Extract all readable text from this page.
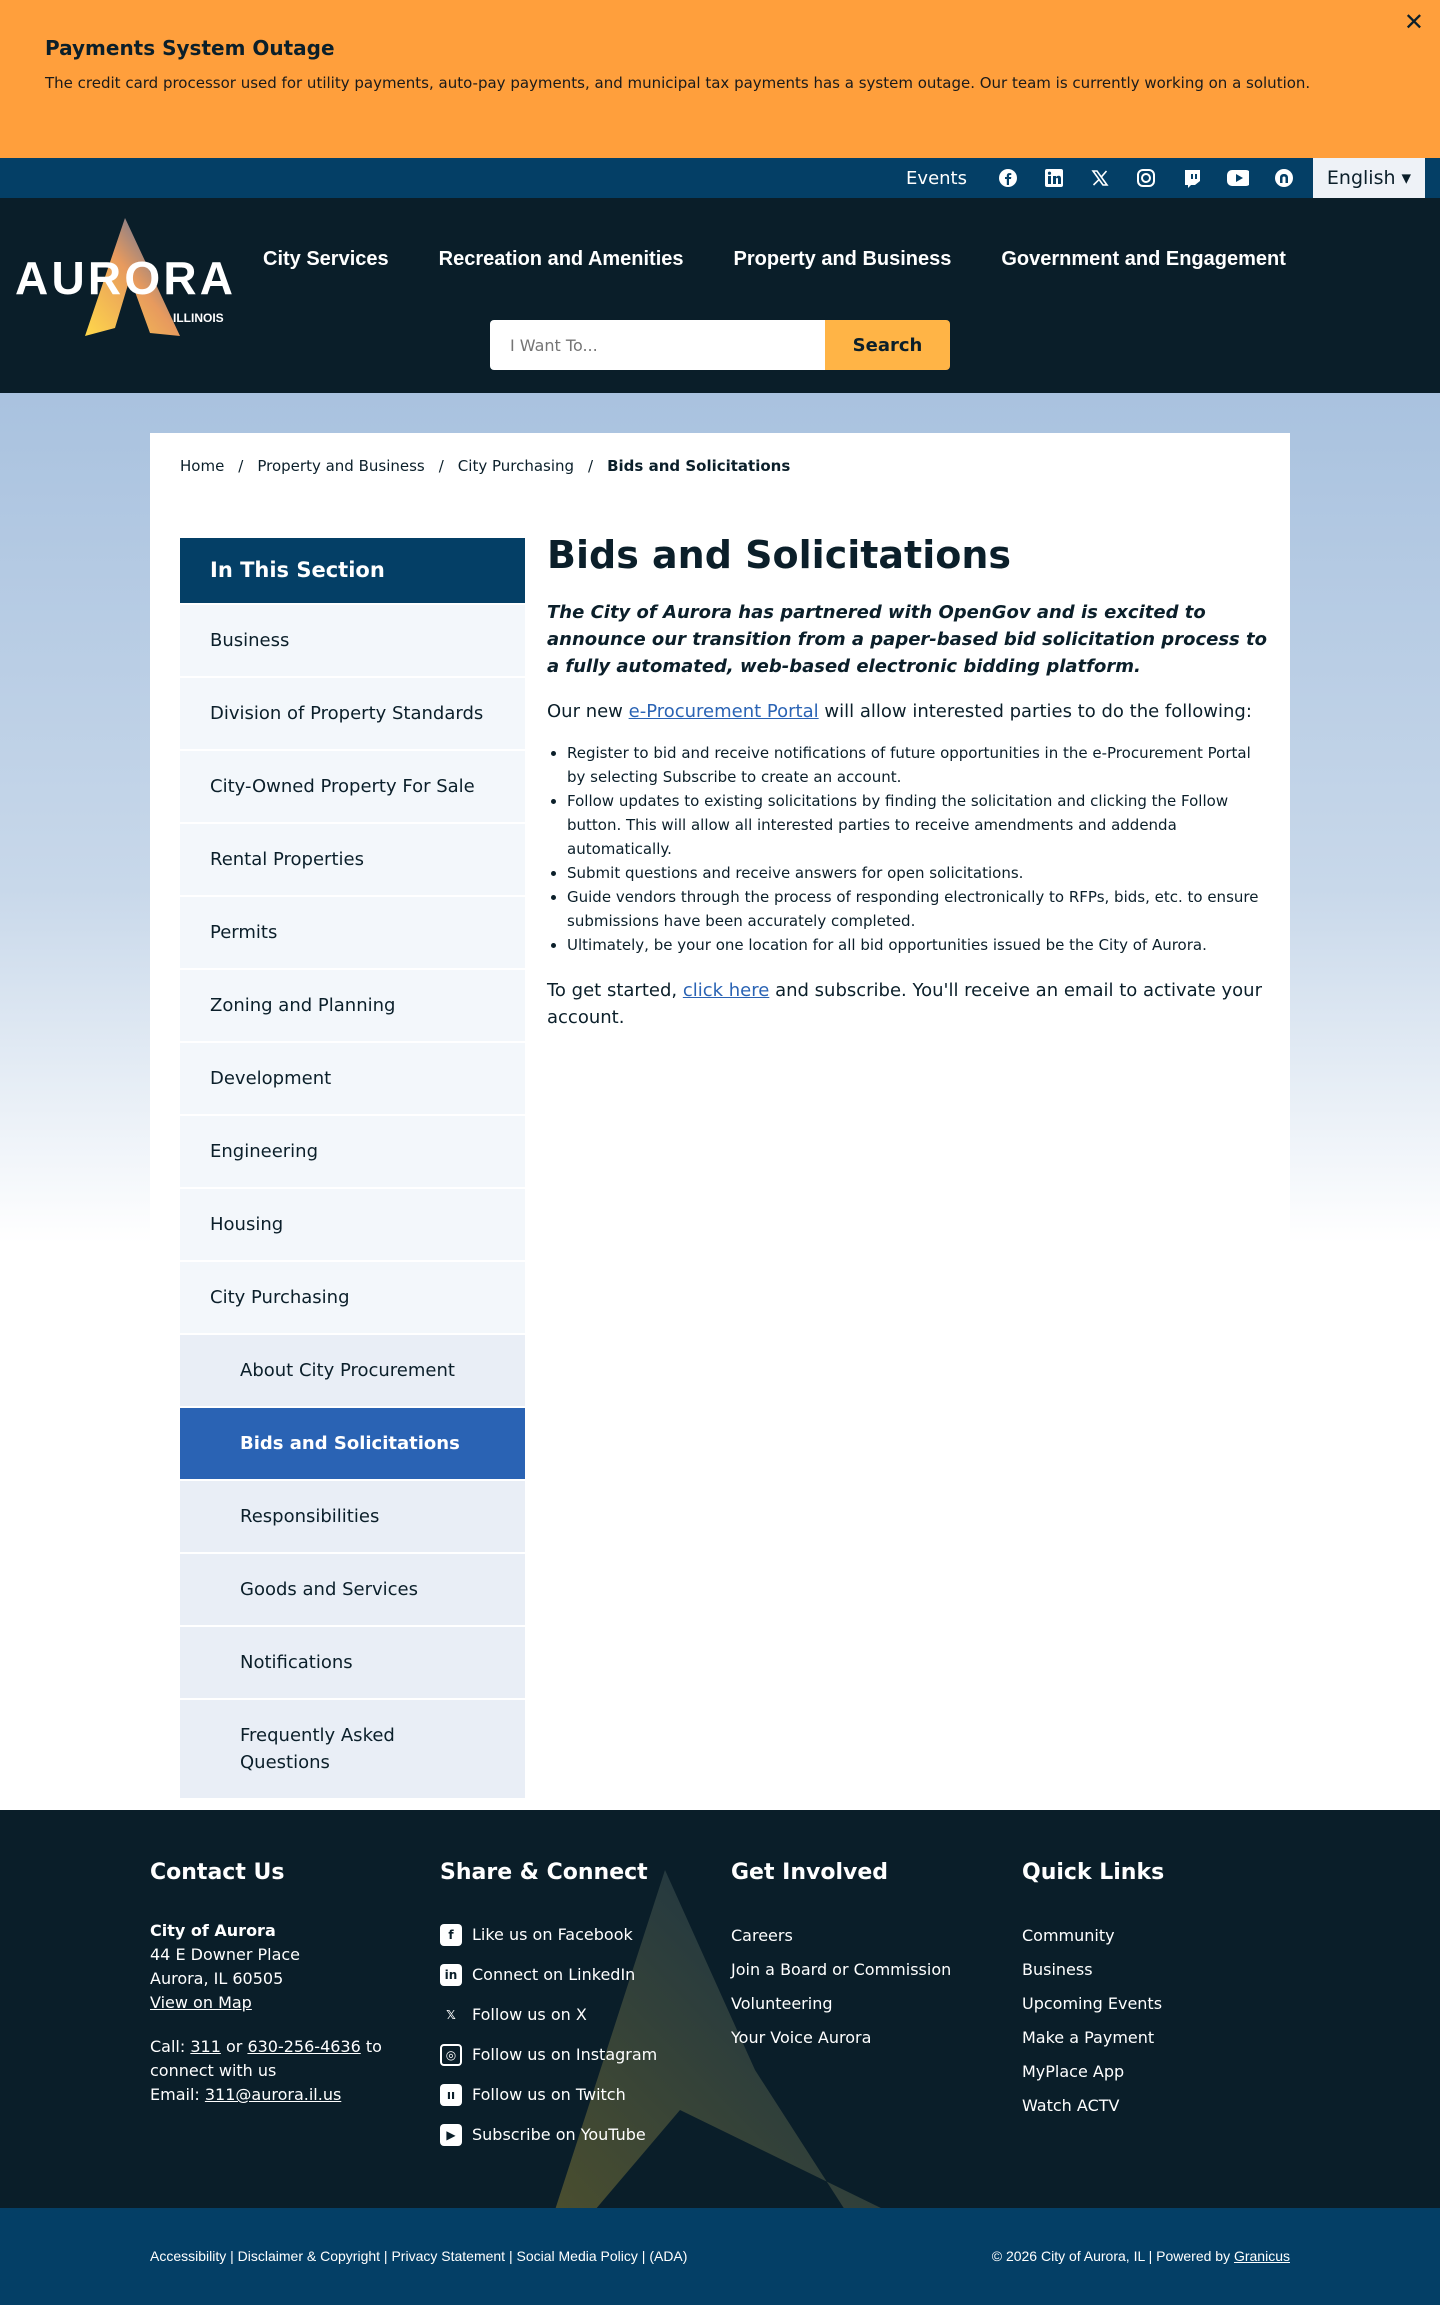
Payments System Outage

The credit card processor used for utility payments, auto-pay payments, and municipal tax payments has a system outage. Our team is currently working on a solution.

✕
Events	English ▾
AURORA
ILLINOIS
City Services	Recreation and Amenities	Property and Business	Government and Engagement
I Want To...
Search
Home / Property and Business / City Purchasing / Bids and Solicitations
In This Section
Business
Division of Property Standards
City-Owned Property For Sale
Rental Properties
Permits
Zoning and Planning
Development
Engineering
Housing
City Purchasing
About City Procurement
Bids and Solicitations
Responsibilities
Goods and Services
Notifications
Frequently Asked Questions
Bids and Solicitations
The City of Aurora has partnered with OpenGov and is excited to announce our transition from a paper-based bid solicitation process to a fully automated, web-based electronic bidding platform.

Our new e-Procurement Portal will allow interested parties to do the following:

• Register to bid and receive notifications of future opportunities in the e-Procurement Portal by selecting Subscribe to create an account.
• Follow updates to existing solicitations by finding the solicitation and clicking the Follow button. This will allow all interested parties to receive amendments and addenda automatically.
• Submit questions and receive answers for open solicitations.
• Guide vendors through the process of responding electronically to RFPs, bids, etc. to ensure submissions have been accurately completed.
• Ultimately, be your one location for all bid opportunities issued be the City of Aurora.

To get started, click here and subscribe. You'll receive an email to activate your account.

Contact Us
City of Aurora
44 E Downer Place
Aurora, IL 60505
View on Map
Call: 311 or 630-256-4636 to connect with us
Email: 311@aurora.il.us
Share & Connect
f	Like us on Facebook
in Connect on LinkedIn
𝕏	Follow us on X
◎ Follow us on Instagram
ıı	Follow us on Twitch
▶	Subscribe on YouTube
Get Involved
Careers
Join a Board or Commission
Volunteering
Your Voice Aurora
Quick Links
Community
Business
Upcoming Events
Make a Payment
MyPlace App
Watch ACTV
Accessibility | Disclaimer & Copyright | Privacy Statement | Social Media Policy | (ADA)	© 2026 City of Aurora, IL | Powered by Granicus
